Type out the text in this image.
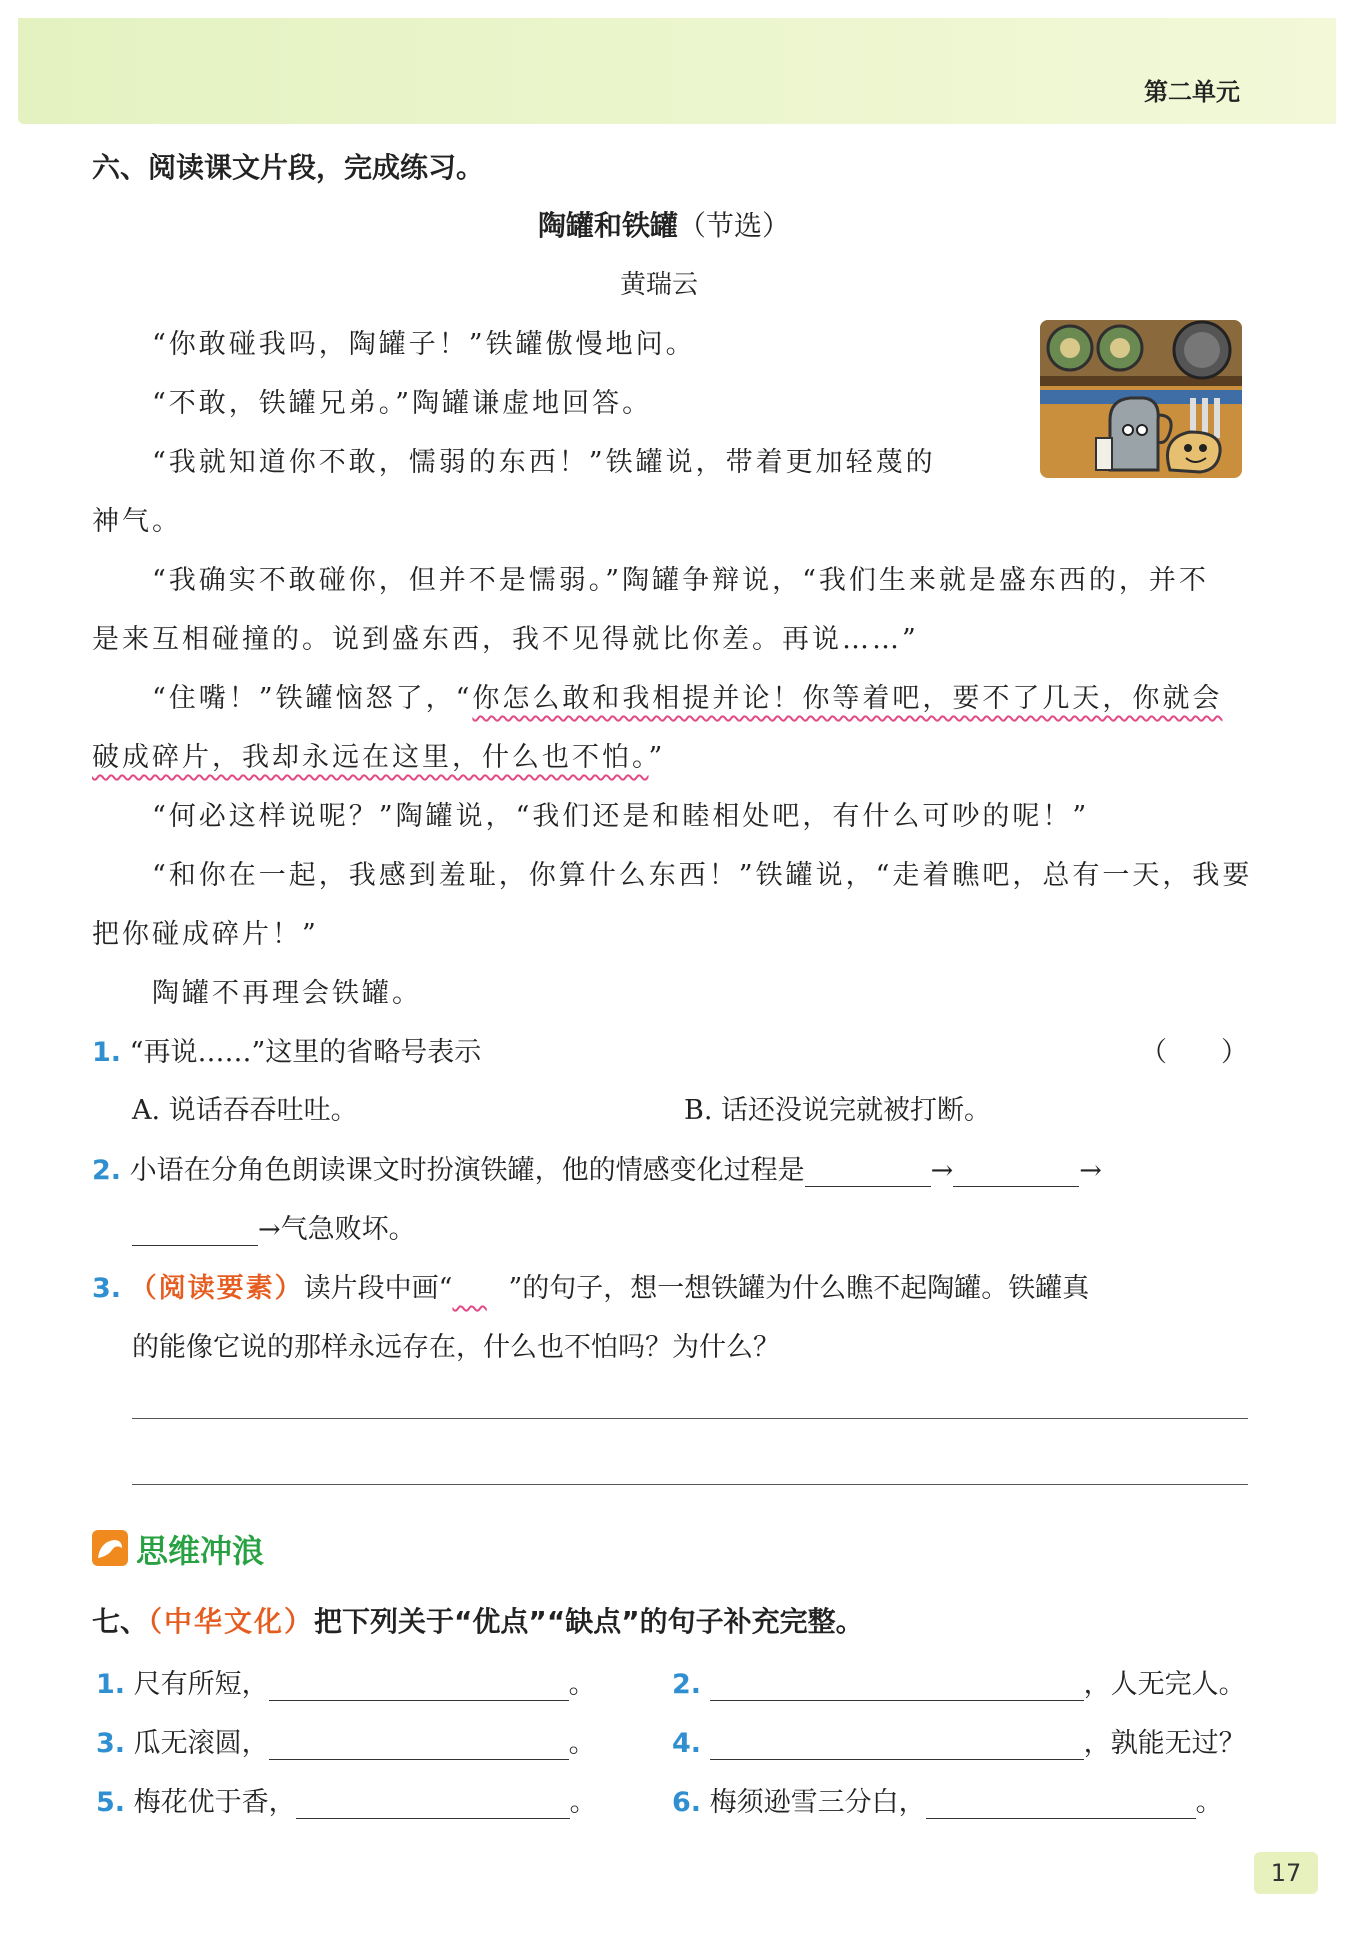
第二单元
六、阅读课文片段，完成练习。
陶罐和铁罐（节选）
黄瑞云
“你敢碰我吗，陶罐子！”铁罐傲慢地问。
“不敢，铁罐兄弟。”陶罐谦虚地回答。
“我就知道你不敢，懦弱的东西！”铁罐说，带着更加轻蔑的
神气。
“我确实不敢碰你，但并不是懦弱。”陶罐争辩说，“我们生来就是盛东西的，并不
是来互相碰撞的。说到盛东西，我不见得就比你差。再说……”
“住嘴！”铁罐恼怒了，“你怎么敢和我相提并论！你等着吧，要不了几天，你就会
破成碎片，我却永远在这里，什么也不怕。”
“何必这样说呢？”陶罐说，“我们还是和睦相处吧，有什么可吵的呢！”
“和你在一起，我感到羞耻，你算什么东西！”铁罐说，“走着瞧吧，总有一天，我要
把你碰成碎片！”
陶罐不再理会铁罐。
1. “再说……”这里的省略号表示	（　　）
A. 说话吞吞吐吐。	B. 话还没说完就被打断。
2. 小语在分角色朗读课文时扮演铁罐，他的情感变化过程是	→	→
→气急败坏。
3. （阅读要素）读片段中画“ ”的句子，想一想铁罐为什么瞧不起陶罐。铁罐真
的能像它说的那样永远存在，什么也不怕吗？为什么？
思维冲浪
七、（中华文化）把下列关于“优点”“缺点”的句子补充完整。
1. 尺有所短，	。	2.	，人无完人。
3. 瓜无滚圆，	。	4.	，孰能无过？
5. 梅花优于香，	。	6. 梅须逊雪三分白，	。
17
